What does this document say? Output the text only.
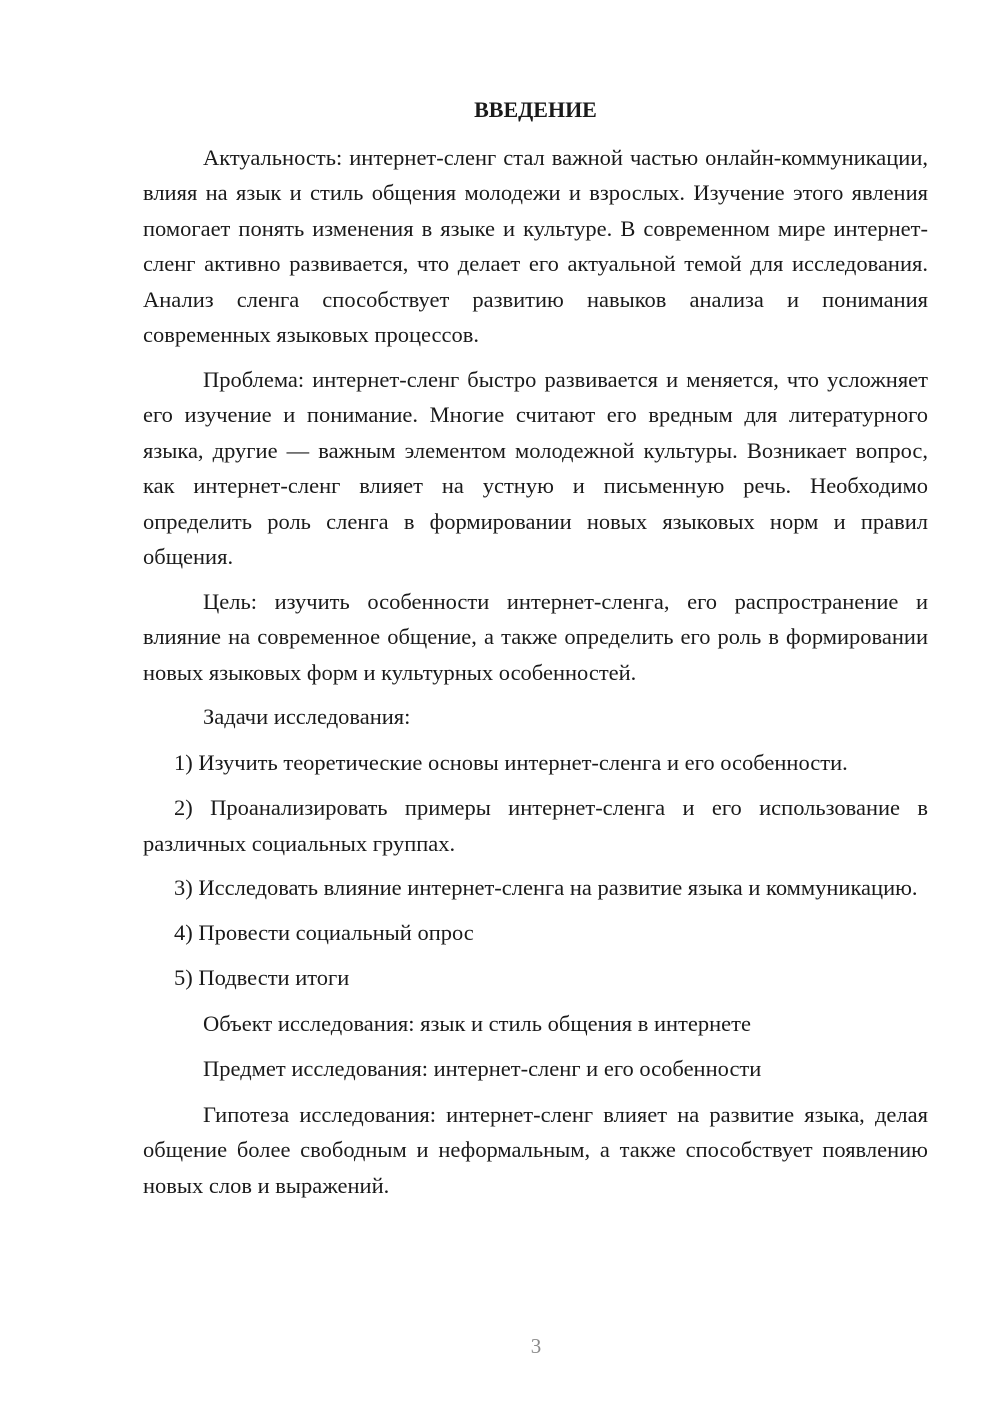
ВВЕДЕНИЕ

Актуальность: интернет-сленг стал важной частью онлайн-коммуникации, влияя на язык и стиль общения молодежи и взрослых. Изучение этого явления помогает понять изменения в языке и культуре. В современном мире интернет-сленг активно развивается, что делает его актуальной темой для исследования. Анализ сленга способствует развитию навыков анализа и понимания современных языковых процессов.

Проблема: интернет-сленг быстро развивается и меняется, что усложняет его изучение и понимание. Многие считают его вредным для литературного языка, другие — важным элементом молодежной культуры. Возникает вопрос, как интернет-сленг влияет на устную и письменную речь. Необходимо определить роль сленга в формировании новых языковых норм и правил общения.

Цель: изучить особенности интернет-сленга, его распространение и влияние на современное общение, а также определить его роль в формировании новых языковых форм и культурных особенностей.

Задачи исследования:

1) Изучить теоретические основы интернет-сленга и его особенности.

2) Проанализировать примеры интернет-сленга и его использование в различных социальных группах.

3) Исследовать влияние интернет-сленга на развитие языка и коммуникацию.

4) Провести социальный опрос

5) Подвести итоги

Объект исследования: язык и стиль общения в интернете

Предмет исследования: интернет-сленг и его особенности

Гипотеза исследования: интернет-сленг влияет на развитие языка, делая общение более свободным и неформальным, а также способствует появлению новых слов и выражений.

3
